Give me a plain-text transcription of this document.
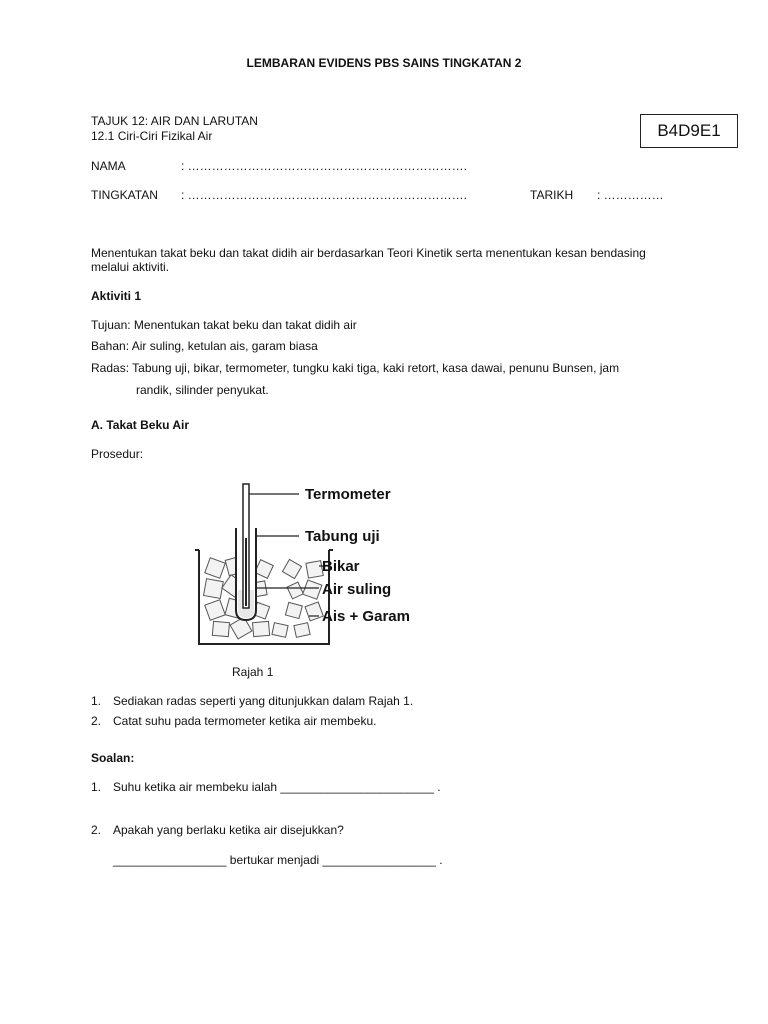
LEMBARAN EVIDENS PBS SAINS TINGKATAN 2
TAJUK 12: AIR DAN LARUTAN
12.1 Ciri-Ciri Fizikal Air	B4D9E1
NAMA	: …………………………………………………………….
TINGKATAN : …………………………………………………………….	TARIKH : ……………
Menentukan takat beku dan takat didih air berdasarkan Teori Kinetik serta menentukan kesan bendasing
melalui aktiviti.
Aktiviti 1
Tujuan: Menentukan takat beku dan takat didih air
Bahan: Air suling, ketulan ais, garam biasa
Radas: Tabung uji, bikar, termometer, tungku kaki tiga, kaki retort, kasa dawai, penunu Bunsen, jam
randik, silinder penyukat.
A. Takat Beku Air
Prosedur:
Termometer
Tabung uji
Bikar
Air suling
Ais + Garam
Rajah 1
1. Sediakan radas seperti yang ditunjukkan dalam Rajah 1.
2. Catat suhu pada termometer ketika air membeku.
Soalan:
1. Suhu ketika air membeku ialah _______________________ .
2. Apakah yang berlaku ketika air disejukkan?
_________________ bertukar menjadi _________________ .
